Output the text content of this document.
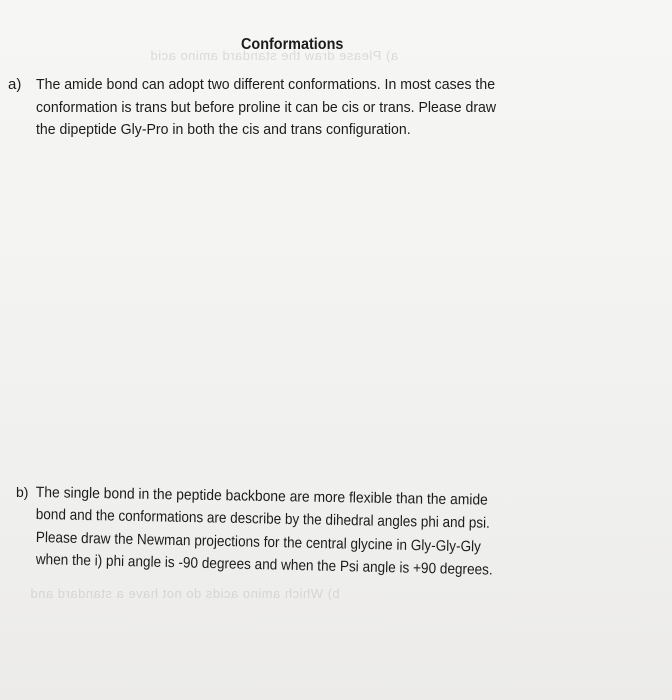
a) Please draw the standard amino acid
b) Which amino acids do not have a standard and
Conformations
a) The amide bond can adopt two different conformations. In most cases the
conformation is trans but before proline it can be cis or trans. Please draw
the dipeptide Gly-Pro in both the cis and trans configuration.
b) The single bond in the peptide backbone are more flexible than the amide
bond and the conformations are describe by the dihedral angles phi and psi.
Please draw the Newman projections for the central glycine in Gly-Gly-Gly
when the i) phi angle is -90 degrees and when the Psi angle is +90 degrees.
